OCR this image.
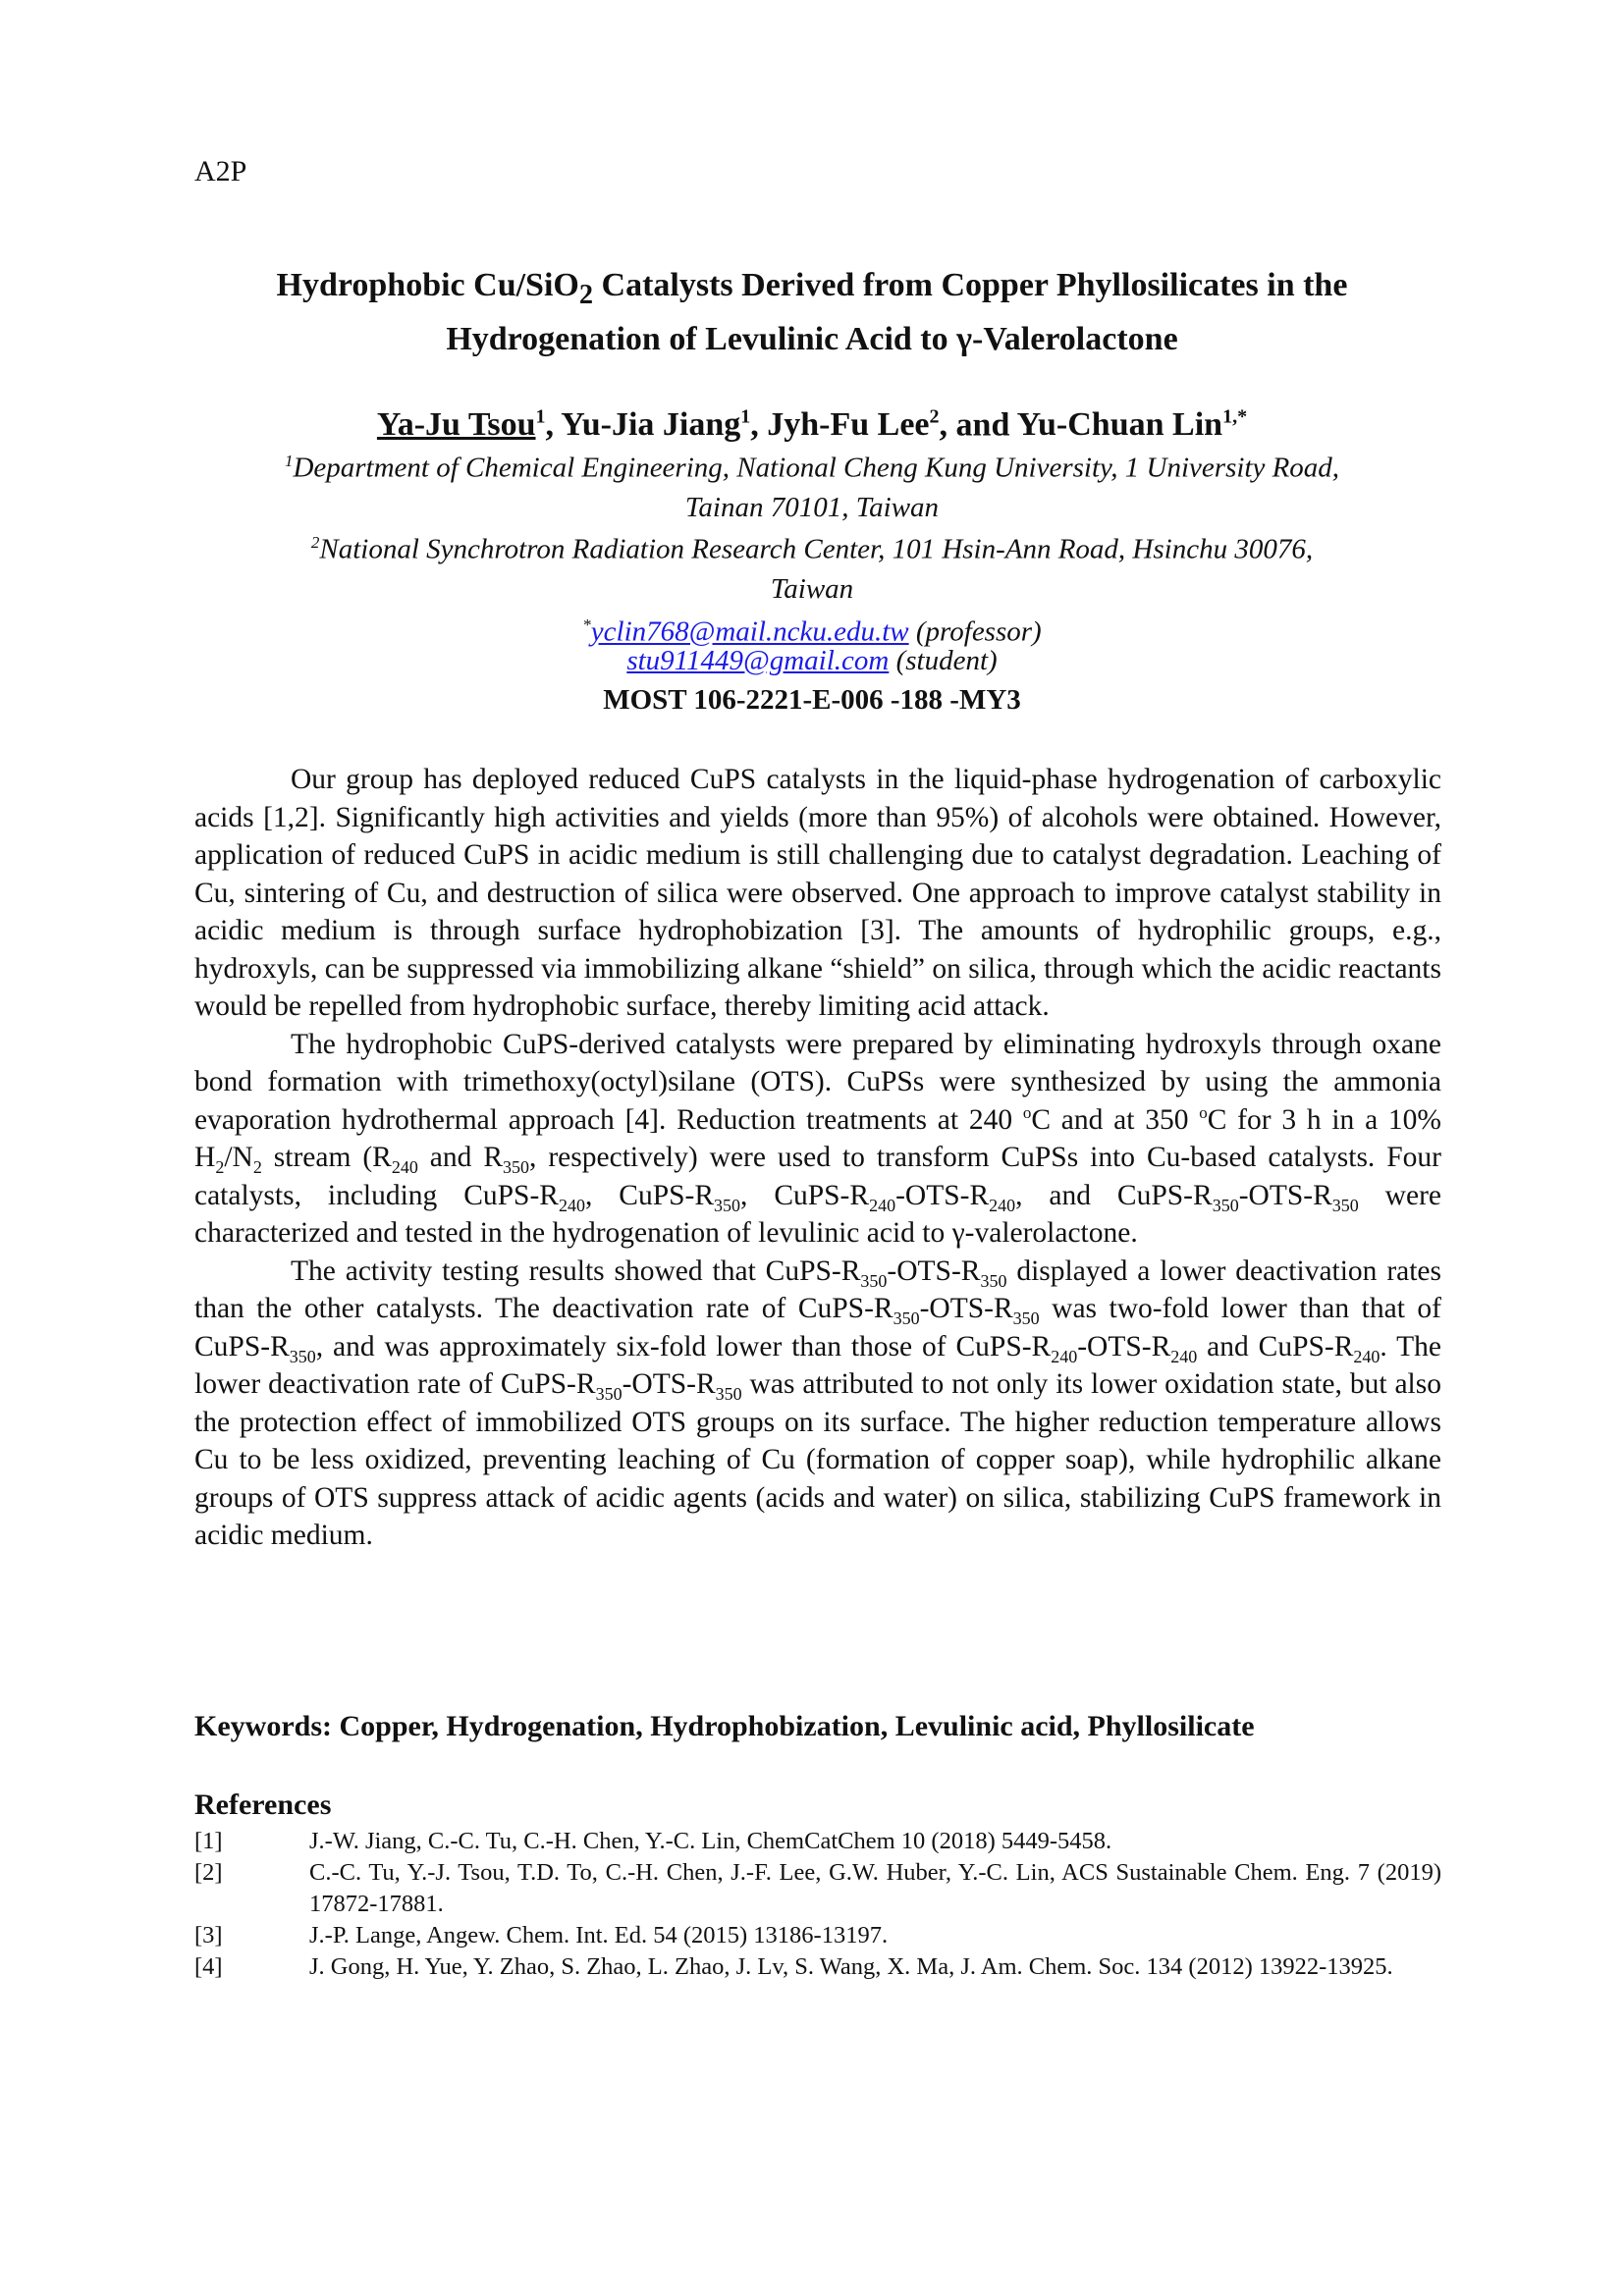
A2P
Hydrophobic Cu/SiO$_2$ Catalysts Derived from Copper Phyllosilicates in the
Hydrogenation of Levulinic Acid to γ-Valerolactone
Ya-Ju Tsou$^1$, Yu-Jia Jiang$^1$, Jyh-Fu Lee$^2$, and Yu-Chuan Lin$^{1,*}$
$^1$Department of Chemical Engineering, National Cheng Kung University, 1 University Road,
Tainan 70101, Taiwan
$^2$National Synchrotron Radiation Research Center, 101 Hsin-Ann Road, Hsinchu 30076,
Taiwan
*yclin768@mail.ncku.edu.tw (professor)
stu911449@gmail.com (student)
MOST 106-2221-E-006 -188 -MY3

Our group has deployed reduced CuPS catalysts in the liquid-phase hydrogenation of carboxylic acids [1,2]. Significantly high activities and yields (more than 95%) of alcohols were obtained. However, application of reduced CuPS in acidic medium is still challenging due to catalyst degradation. Leaching of Cu, sintering of Cu, and destruction of silica were observed. One approach to improve catalyst stability in acidic medium is through surface hydrophobization [3]. The amounts of hydrophilic groups, e.g., hydroxyls, can be suppressed via immobilizing alkane “shield” on silica, through which the acidic reactants would be repelled from hydrophobic surface, thereby limiting acid attack.

The hydrophobic CuPS-derived catalysts were prepared by eliminating hydroxyls through oxane bond formation with trimethoxy(octyl)silane (OTS). CuPSs were synthesized by using the ammonia evaporation hydrothermal approach [4]. Reduction treatments at 240 $^o$C and at 350 $^o$C for 3 h in a 10% $H_2/N_2$ stream ($R_{240}$ and $R_{350}$, respectively) were used to transform CuPSs into Cu-based catalysts. Four catalysts, including CuPS-$R_{240}$, CuPS-$R_{350}$, CuPS-$R_{240}-OTS-R_{240}$, and CuPS-$R_{350}-OTS-R_{350}$ were characterized and tested in the hydrogenation of levulinic acid to γ-valerolactone.

The activity testing results showed that CuPS-$R_{350}-OTS-R_{350}$ displayed a lower deactivation rates than the other catalysts. The deactivation rate of CuPS-$R_{350}-OTS-R_{350}$ was two-fold lower than that of CuPS-$R_{350}$, and was approximately six-fold lower than those of CuPS-$R_{240}-OTS-R_{240}$ and CuPS-$R_{240}$. The lower deactivation rate of CuPS-$R_{350}-OTS-R_{350}$ was attributed to not only its lower oxidation state, but also the protection effect of immobilized OTS groups on its surface. The higher reduction temperature allows Cu to be less oxidized, preventing leaching of Cu (formation of copper soap), while hydrophilic alkane groups of OTS suppress attack of acidic agents (acids and water) on silica, stabilizing CuPS framework in acidic medium.

Keywords: Copper, Hydrogenation, Hydrophobization, Levulinic acid, Phyllosilicate
References
[1]	J.-W. Jiang, C.-C. Tu, C.-H. Chen, Y.-C. Lin, ChemCatChem 10 (2018) 5449-5458.
[2]	C.-C. Tu, Y.-J. Tsou, T.D. To, C.-H. Chen, J.-F. Lee, G.W. Huber, Y.-C. Lin, ACS Sustainable Chem. Eng. 7 (2019) 17872-17881.
[3]	J.-P. Lange, Angew. Chem. Int. Ed. 54 (2015) 13186-13197.
[4]	J. Gong, H. Yue, Y. Zhao, S. Zhao, L. Zhao, J. Lv, S. Wang, X. Ma, J. Am. Chem. Soc. 134 (2012) 13922-13925.
